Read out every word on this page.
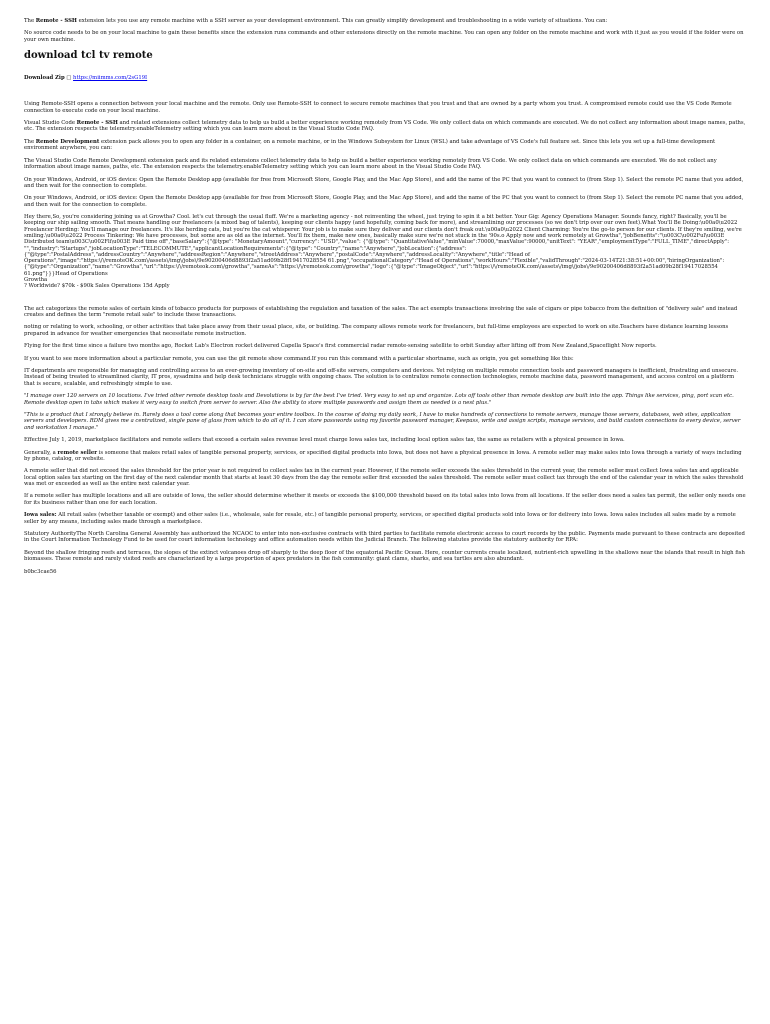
The Remote - SSH extension lets you use any remote machine with a SSH server as your development environment. This can greatly simplify development and troubleshooting in a wide variety of situations. You can:

No source code needs to be on your local machine to gain these benefits since the extension runs commands and other extensions directly on the remote machine. You can open any folder on the remote machine and work with it just as you would if the folder were on your own machine.

download tcl tv remote

Download Zip □ https://miimms.com/2sG19I

Using Remote-SSH opens a connection between your local machine and the remote. Only use Remote-SSH to connect to secure remote machines that you trust and that are owned by a party whom you trust. A compromised remote could use the VS Code Remote connection to execute code on your local machine.

Visual Studio Code Remote - SSH and related extensions collect telemetry data to help us build a better experience working remotely from VS Code. We only collect data on which commands are executed. We do not collect any information about image names, paths, etc. The extension respects the telemetry.enableTelemetry setting which you can learn more about in the Visual Studio Code FAQ.

The Remote Development extension pack allows you to open any folder in a container, on a remote machine, or in the Windows Subsystem for Linux (WSL) and take advantage of VS Code's full feature set. Since this lets you set up a full-time development environment anywhere, you can:

The Visual Studio Code Remote Development extension pack and its related extensions collect telemetry data to help us build a better experience working remotely from VS Code. We only collect data on which commands are executed. We do not collect any information about image names, paths, etc. The extension respects the telemetry.enableTelemetry setting which you can learn more about in the Visual Studio Code FAQ.

On your Windows, Android, or iOS device: Open the Remote Desktop app (available for free from Microsoft Store, Google Play, and the Mac App Store), and add the name of the PC that you want to connect to (from Step 1). Select the remote PC name that you added, and then wait for the connection to complete.

On your Windows, Android, or iOS device: Open the Remote Desktop app (available for free from Microsoft Store, Google Play, and the Mac App Store), and add the name of the PC that you want to connect to (from Step 1). Select the remote PC name that you added, and then wait for the connection to complete.

Hey there,So, you're considering joining us at Growtha? Cool. let's cut through the usual fluff. We're a marketing agency - not reinventing the wheel, just trying to spin it a bit better. Your Gig: Agency Operations Manager. Sounds fancy, right? Basically, you'll be keeping our ship sailing smooth. That means handling our freelancers (a mixed bag of talents), keeping our clients happy (and hopefully, coming back for more), and streamlining our processes (so we don't trip over our own feet).What You'll Be Doing:\u00a0\u2022 Freelancer Herding: You'll manage our freelancers. It's like herding cats, but you're the cat whisperer. Your job is to make sure they deliver and our clients don't freak out.\u00a0\u2022 Client Charming: You're the go-to person for our clients. If they're smiling, we're smiling.\u00a0\u2022 Process Tinkering: We have processes, but some are as old as the internet. You'll fix them, make new ones, basically make sure we're not stuck in the '90s.o Apply now and work remotely at Growtha","jobBenefits":"\u003C\u002Ful\u003E Distributed team\u003C\u002Fli\u003E Paid time off","baseSalary":{"@type": "MonetaryAmount","currency": "USD","value": {"@type": "QuantitativeValue","minValue":70000,"maxValue":90000,"unitText": "YEAR","employmentType":"FULL_TIME","directApply": "","industry":"Startups","jobLocationType":"TELECOMMUTE","applicantLocationRequirements":{"@type": "Country","name":"Anywhere","jobLocation":{"address":{"@type":"PostalAddress","addressCountry":"Anywhere","addressRegion":"Anywhere","streetAddress":"Anywhere","postalCode":"Anywhere","addressLocality":"Anywhere","title":"Head of Operations","image":"https:\/\/remoteOK.com\/assets\/img\/jobs\/9e90200406d8893f2a51ad09b28f19417028554 61.png","occupationalCategory":"Head of Operations","workHours":"Flexible","validThrough":"2024-03-14T21:38:51+00:00","hiringOrganization":{"@type":"Organization","name":"Growtha","url":"https:\/\/remoteok.com\/growtha","sameAs":"https:\/\/remoteok.com\/growtha","logo":{"@type":"ImageObject","url":"https:\/\/remoteOK.com\/assets\/img\/jobs\/9e90200406d8893f2a51ad09b28f19417028554 61.png"}}}Head of Operations

Growtha

? Worldwide? $70k - $90k Sales Operations 15d Apply

The act categorizes the remote sales of certain kinds of tobacco products for purposes of establishing the regulation and taxation of the sales. The act exempts transactions involving the sale of cigars or pipe tobacco from the definition of "delivery sale" and instead creates and defines the term "remote retail sale" to include these transactions.

noting or relating to work, schooling, or other activities that take place away from their usual place, site, or building. The company allows remote work for freelancers, but full-time employees are expected to work on site.Teachers have distance learning lessons prepared in advance for weather emergencies that necessitate remote instruction.

Flying for the first time since a failure two months ago, Rocket Lab's Electron rocket delivered Capella Space's first commercial radar remote-sensing satellite to orbit Sunday after lifting off from New Zealand,Spaceflight Now reports.

If you want to see more information about a particular remote, you can use the git remote show command.If you run this command with a particular shortname, such as origin, you get something like this:

IT departments are responsible for managing and controlling access to an ever-growing inventory of on-site and off-site servers, computers and devices. Yet relying on multiple remote connection tools and password managers is inefficient, frustrating and unsecure. Instead of being treated to streamlined clarity, IT pros, sysadmins and help desk technicians struggle with ongoing chaos. The solution is to centralize remote connection technologies, remote machine data, password management, and access control on a platform that is secure, scalable, and refreshingly simple to use.

"I manage over 120 servers on 10 locations. I've tried other remote desktop tools and Devolutions is by far the best I've tried. Very easy to set up and organize. Lots off tools other than remote desktop are built into the app. Things like services, ping, port scan etc. Remote desktop open in tabs which makes it very easy to switch from server to server. Also the ability to store multiple passwords and assign them as needed is a nest plus."

"This is a product that I strongly believe in. Rarely does a tool come along that becomes your entire toolbox. In the course of doing my daily work, I have to make hundreds of connections to remote servers, manage those servers, databases, web sites, application servers and developers. RDM gives me a centralized, single pane of glass from which to do all of it. I can store passwords using my favorite password manager, Keepass, write and assign scripts, manage services, and build custom connections to every device, server and workstation I manage."

Effective July 1, 2019, marketplace facilitators and remote sellers that exceed a certain sales revenue level must charge Iowa sales tax, including local option sales tax, the same as retailers with a physical presence in Iowa.

Generally, a remote seller is someone that makes retail sales of tangible personal property, services, or specified digital products into Iowa, but does not have a physical presence in Iowa. A remote seller may make sales into Iowa through a variety of ways including by phone, catalog, or website.

A remote seller that did not exceed the sales threshold for the prior year is not required to collect sales tax in the current year. However, if the remote seller exceeds the sales threshold in the current year, the remote seller must collect Iowa sales tax and applicable local option sales tax starting on the first day of the next calendar month that starts at least 30 days from the day the remote seller first exceeded the sales threshold. The remote seller must collect tax through the end of the calendar year in which the sales threshold was met or exceeded as well as the entire next calendar year.

If a remote seller has multiple locations and all are outside of Iowa, the seller should determine whether it meets or exceeds the $100,000 threshold based on its total sales into Iowa from all locations. If the seller does need a sales tax permit, the seller only needs one for its business rather than one for each location.

Iowa sales: All retail sales (whether taxable or exempt) and other sales (i.e., wholesale, sale for resale, etc.) of tangible personal property, services, or specified digital products sold into Iowa or for delivery into Iowa. Iowa sales includes all sales made by a remote seller by any means, including sales made through a marketplace.

Statutory AuthorityThe North Carolina General Assembly has authorized the NCAOC to enter into non-exclusive contracts with third parties to facilitate remote electronic access to court records by the public. Payments made pursuant to these contracts are deposited in the Court Information Technology Fund to be used for court information technology and office automation needs within the Judicial Branch. The following statutes provide the statutory authority for RPA:

Beyond the shallow fringing reefs and terraces, the slopes of the extinct volcanoes drop off sharply to the deep floor of the equatorial Pacific Ocean. Here, counter currents create localized, nutrient-rich upwelling in the shallows near the islands that result in high fish biomasses. These remote and rarely visited reefs are characterized by a large proportion of apex predators in the fish community: giant clams, sharks, and sea turtles are also abundant.

b0bc3cae56
